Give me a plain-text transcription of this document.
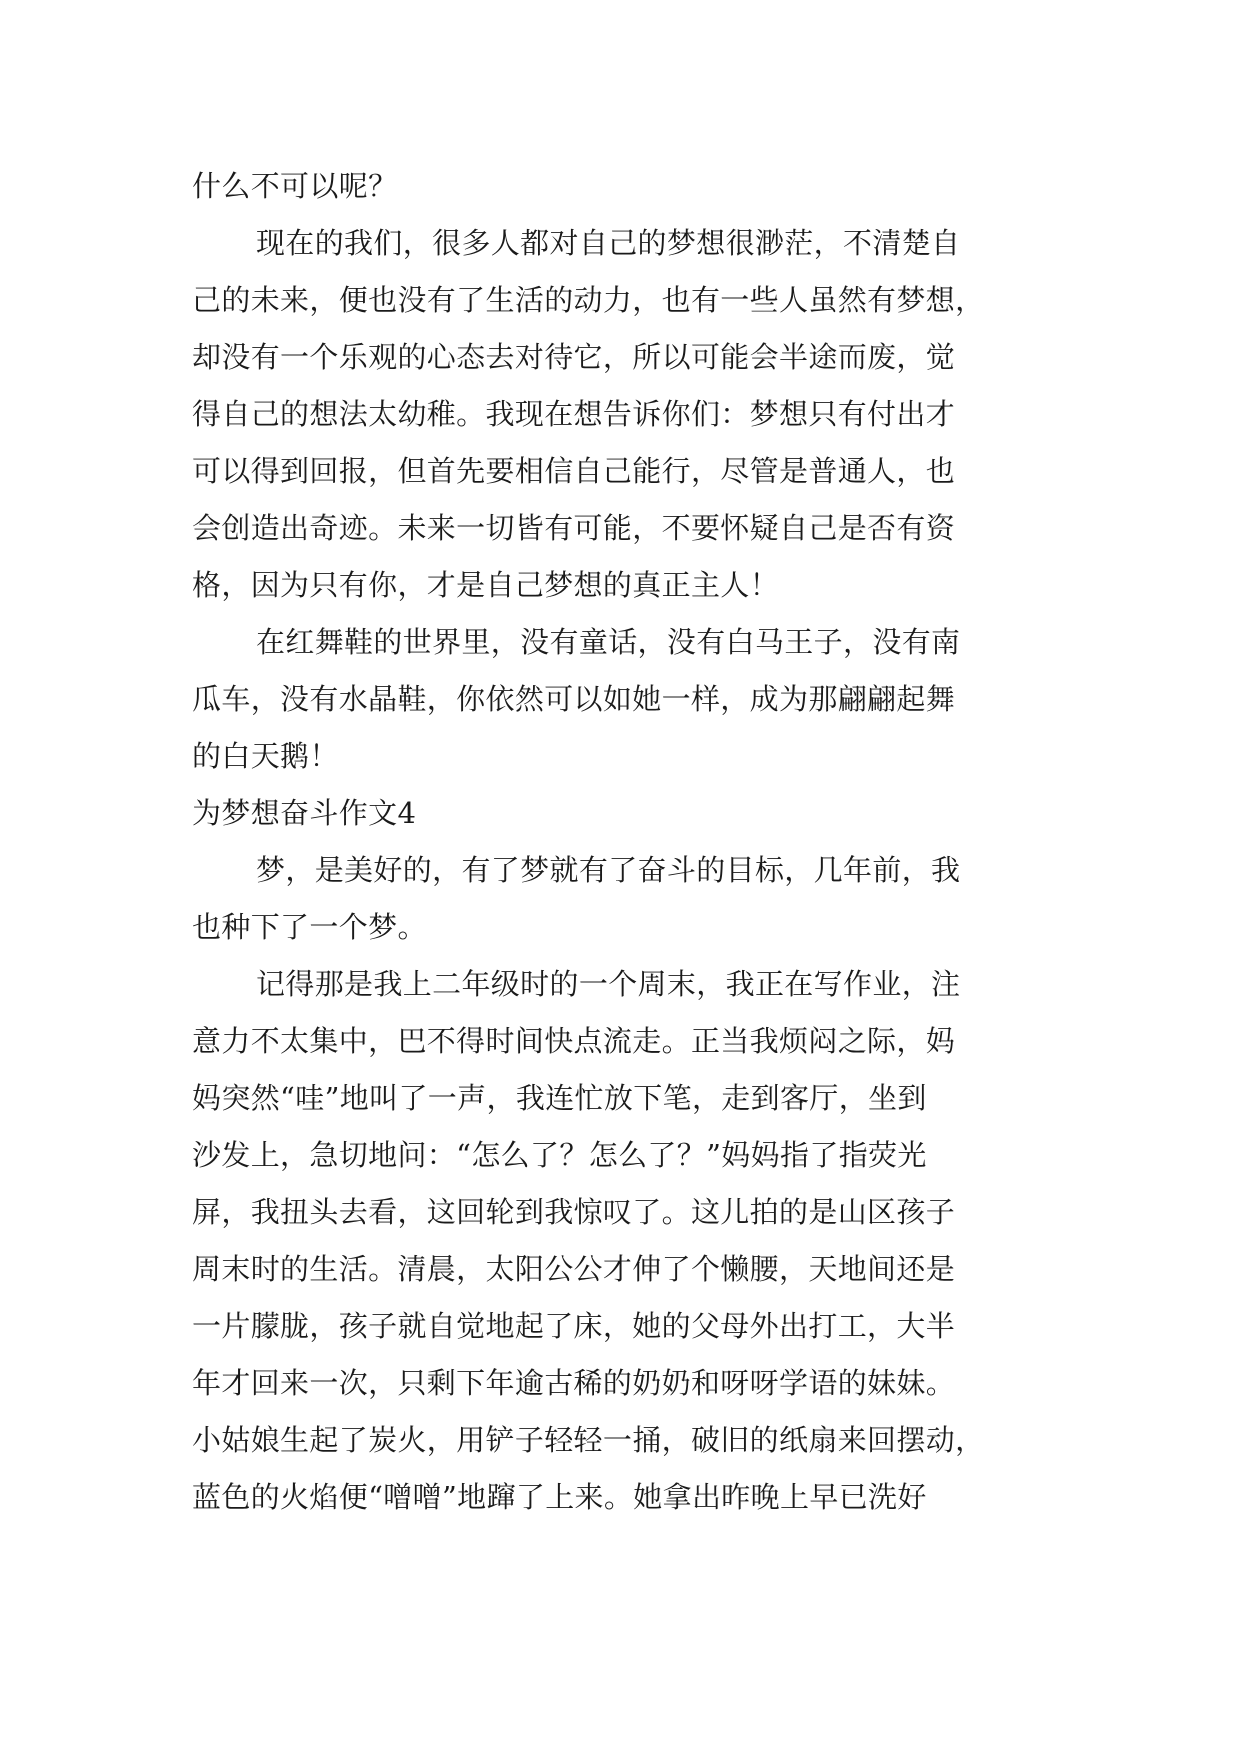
什么不可以呢？

现在的我们，很多人都对自己的梦想很渺茫，不清楚自

己的未来，便也没有了生活的动力，也有一些人虽然有梦想，

却没有一个乐观的心态去对待它，所以可能会半途而废，觉

得自己的想法太幼稚。我现在想告诉你们：梦想只有付出才

可以得到回报，但首先要相信自己能行，尽管是普通人，也

会创造出奇迹。未来一切皆有可能，不要怀疑自己是否有资

格，因为只有你，才是自己梦想的真正主人！

在红舞鞋的世界里，没有童话，没有白马王子，没有南

瓜车，没有水晶鞋，你依然可以如她一样，成为那翩翩起舞

的白天鹅！

为梦想奋斗作文4

梦，是美好的，有了梦就有了奋斗的目标，几年前，我

也种下了一个梦。

记得那是我上二年级时的一个周末，我正在写作业，注

意力不太集中，巴不得时间快点流走。正当我烦闷之际，妈

妈突然“哇”地叫了一声，我连忙放下笔，走到客厅，坐到

沙发上，急切地问：“怎么了？怎么了？”妈妈指了指荧光

屏，我扭头去看，这回轮到我惊叹了。这儿拍的是山区孩子

周末时的生活。清晨，太阳公公才伸了个懒腰，天地间还是

一片朦胧，孩子就自觉地起了床，她的父母外出打工，大半

年才回来一次，只剩下年逾古稀的奶奶和呀呀学语的妹妹。

小姑娘生起了炭火，用铲子轻轻一捅，破旧的纸扇来回摆动，

蓝色的火焰便“噌噌”地蹿了上来。她拿出昨晚上早已洗好
